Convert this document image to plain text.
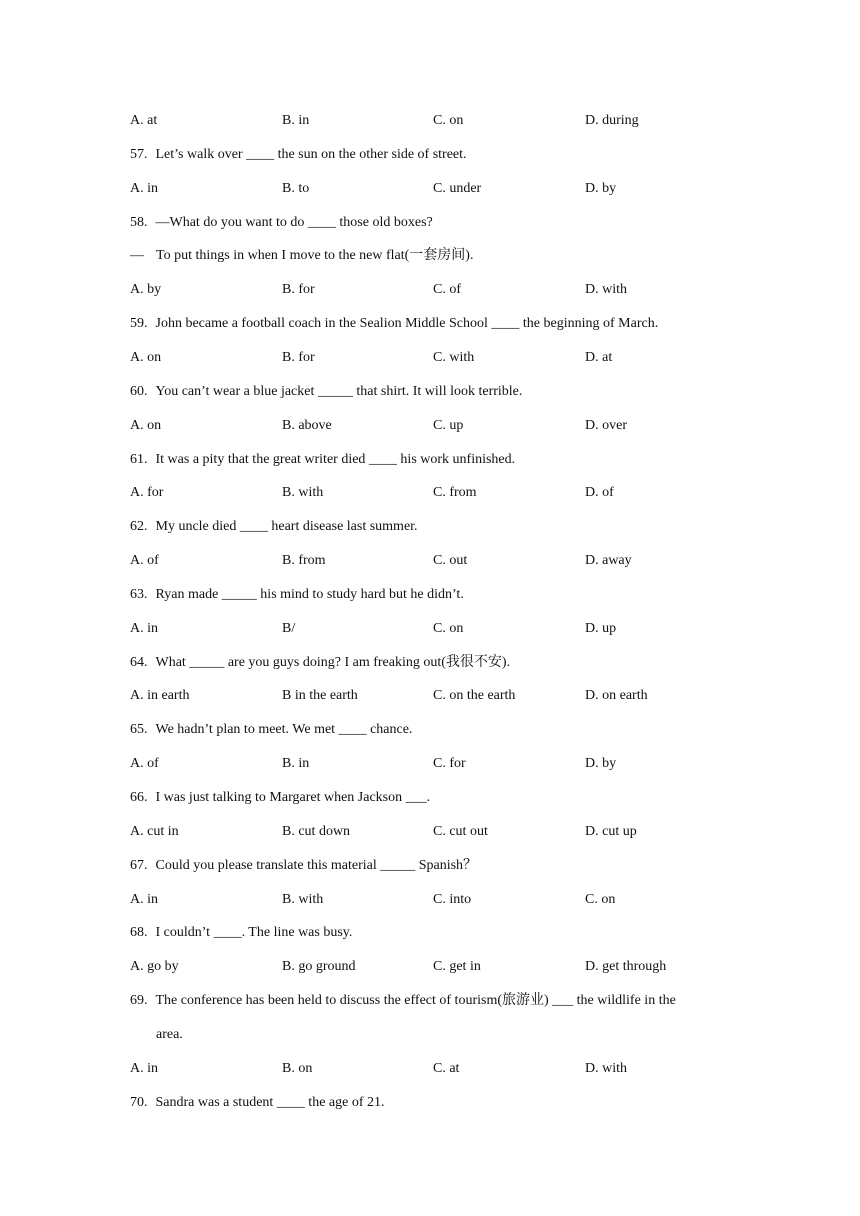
A. at	B. in	C. on	D. during
57. Let’s walk over ____ the sun on the other side of street.
A. in	B. to	C. under	D. by
58. —What do you want to do ____ those old boxes?
— To put things in when I move to the new flat(一套房间).
A. by	B. for	C. of	D. with
59. John became a football coach in the Sealion Middle School ____ the beginning of March.
A. on	B. for	C. with	D. at
60. You can’t wear a blue jacket _____ that shirt. It will look terrible.
A. on	B. above	C. up	D. over
61. It was a pity that the great writer died ____ his work unfinished.
A. for	B. with	C. from	D. of
62. My uncle died ____ heart disease last summer.
A. of	B. from	C. out	D. away
63. Ryan made _____ his mind to study hard but he didn’t.
A. in	B/	C. on	D. up
64. What _____ are you guys doing? I am freaking out(我很不安).
A. in earth	B in the earth	C. on the earth	D. on earth
65. We hadn’t plan to meet. We met ____ chance.
A. of	B. in	C. for	D. by
66. I was just talking to Margaret when Jackson ___.
A. cut in	B. cut down	C. cut out	D. cut up
67. Could you please translate this material _____ Spanish？
A. in	B. with	C. into	C. on
68. I couldn’t ____. The line was busy.
A. go by	B. go ground	C. get in	D. get through
69. The conference has been held to discuss the effect of tourism(旅游业) ___ the wildlife in the
area.
A. in	B. on	C. at	D. with
70. Sandra was a student ____ the age of 21.
